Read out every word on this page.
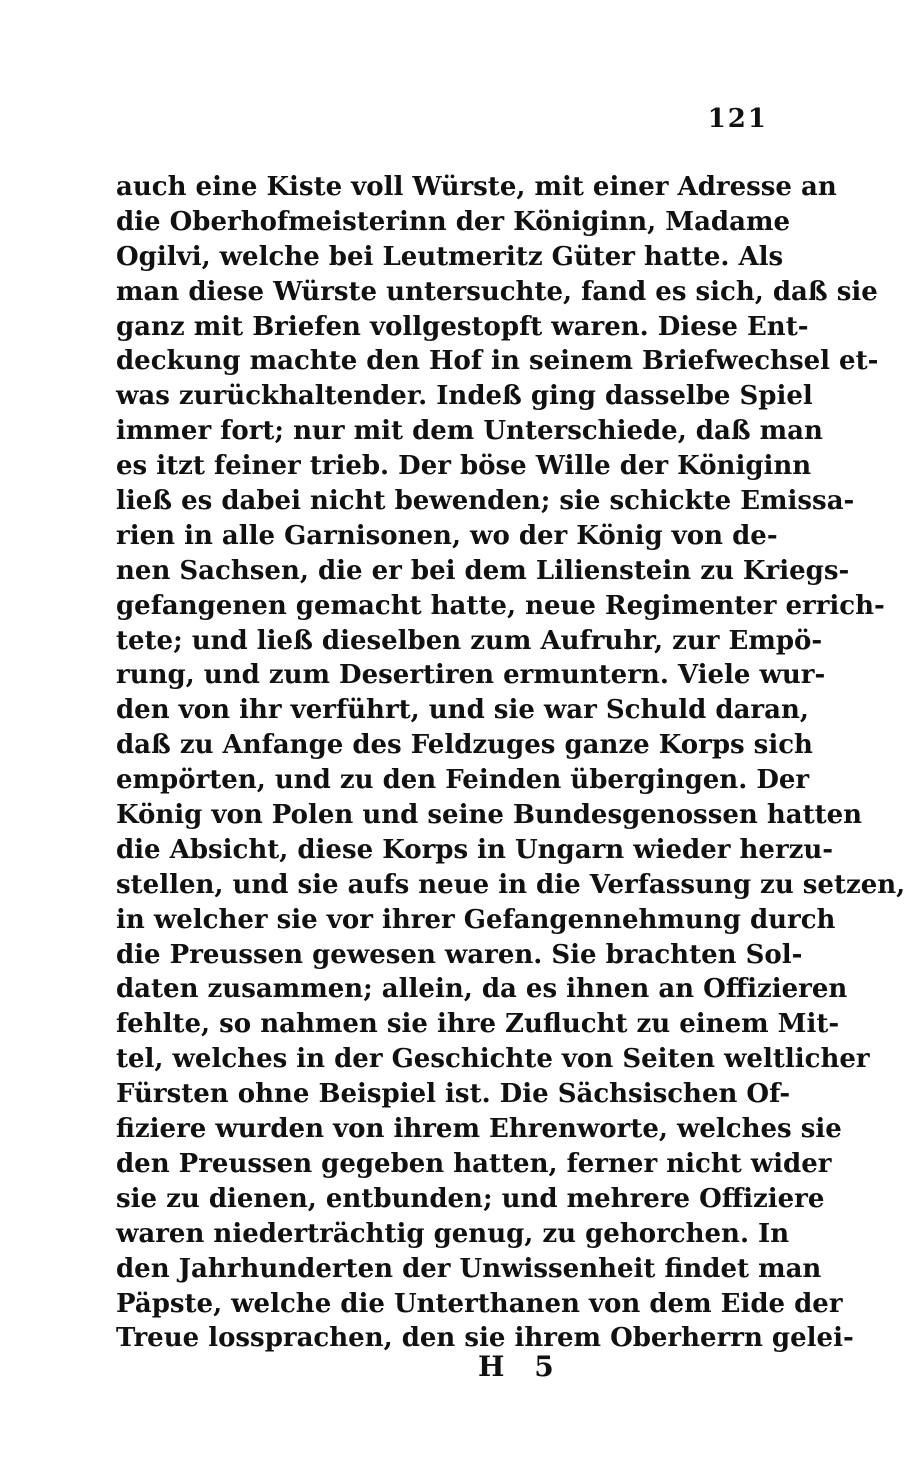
121
auch eine Kiste voll Würste, mit einer Adresse an
die Oberhofmeisterinn der Königinn, Madame
Ogilvi, welche bei Leutmeritz Güter hatte. Als
man diese Würste untersuchte, fand es sich, daß sie
ganz mit Briefen vollgestopft waren. Diese Ent-
deckung machte den Hof in seinem Briefwechsel et-
was zurückhaltender. Indeß ging dasselbe Spiel
immer fort; nur mit dem Unterschiede, daß man
es itzt feiner trieb. Der böse Wille der Königinn
ließ es dabei nicht bewenden; sie schickte Emissa-
rien in alle Garnisonen, wo der König von de-
nen Sachsen, die er bei dem Lilienstein zu Kriegs-
gefangenen gemacht hatte, neue Regimenter errich-
tete; und ließ dieselben zum Aufruhr, zur Empö-
rung, und zum Desertiren ermuntern. Viele wur-
den von ihr verführt, und sie war Schuld daran,
daß zu Anfange des Feldzuges ganze Korps sich
empörten, und zu den Feinden übergingen. Der
König von Polen und seine Bundesgenossen hatten
die Absicht, diese Korps in Ungarn wieder herzu-
stellen, und sie aufs neue in die Verfassung zu setzen,
in welcher sie vor ihrer Gefangennehmung durch
die Preussen gewesen waren. Sie brachten Sol-
daten zusammen; allein, da es ihnen an Offizieren
fehlte, so nahmen sie ihre Zuflucht zu einem Mit-
tel, welches in der Geschichte von Seiten weltlicher
Fürsten ohne Beispiel ist. Die Sächsischen Of-
fiziere wurden von ihrem Ehrenworte, welches sie
den Preussen gegeben hatten, ferner nicht wider
sie zu dienen, entbunden; und mehrere Offiziere
waren niederträchtig genug, zu gehorchen. In
den Jahrhunderten der Unwissenheit findet man
Päpste, welche die Unterthanen von dem Eide der
Treue lossprachen, den sie ihrem Oberherrn gelei-
H 5
